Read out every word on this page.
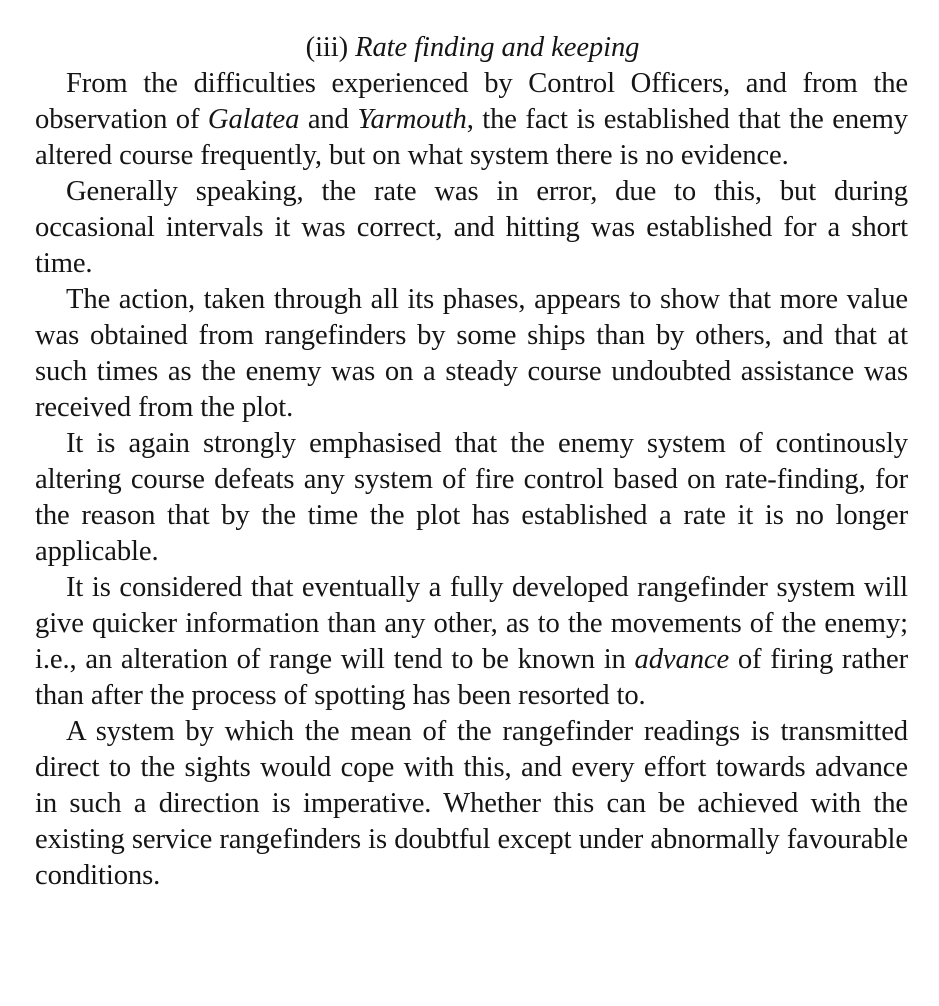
(iii) Rate finding and keeping

From the difficulties experienced by Control Officers, and from the observation of Galatea and Yarmouth, the fact is established that the enemy altered course frequently, but on what system there is no evidence.

Generally speaking, the rate was in error, due to this, but during occasional intervals it was correct, and hitting was established for a short time.

The action, taken through all its phases, appears to show that more value was obtained from rangefinders by some ships than by others, and that at such times as the enemy was on a steady course undoubted assistance was received from the plot.

It is again strongly emphasised that the enemy system of continously altering course defeats any system of fire control based on rate-finding, for the reason that by the time the plot has established a rate it is no longer applicable.

It is considered that eventually a fully developed rangefinder system will give quicker information than any other, as to the movements of the enemy; i.e., an alteration of range will tend to be known in advance of firing rather than after the process of spotting has been resorted to.

A system by which the mean of the rangefinder readings is transmitted direct to the sights would cope with this, and every effort towards advance in such a direction is imperative. Whether this can be achieved with the existing service rangefinders is doubtful except under abnormally favourable conditions.
